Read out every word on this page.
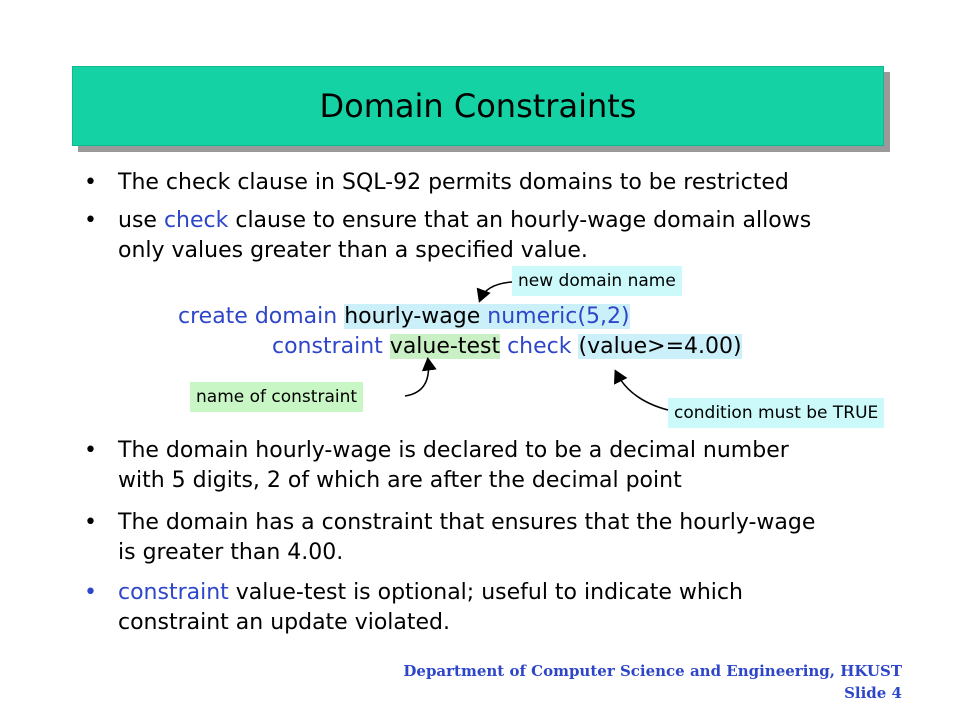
Domain Constraints
• The check clause in SQL-92 permits domains to be restricted
• use check clause to ensure that an hourly-wage domain allows
only values greater than a specified value.
new domain name
create domain hourly-wage numeric(5,2)
constraint value-test check (value>=4.00)
name of constraint
condition must be TRUE
• The domain hourly-wage is declared to be a decimal number
with 5 digits, 2 of which are after the decimal point
• The domain has a constraint that ensures that the hourly-wage
is greater than 4.00.
• constraint value-test is optional; useful to indicate which
constraint an update violated.
Department of Computer Science and Engineering, HKUST
Slide 4
